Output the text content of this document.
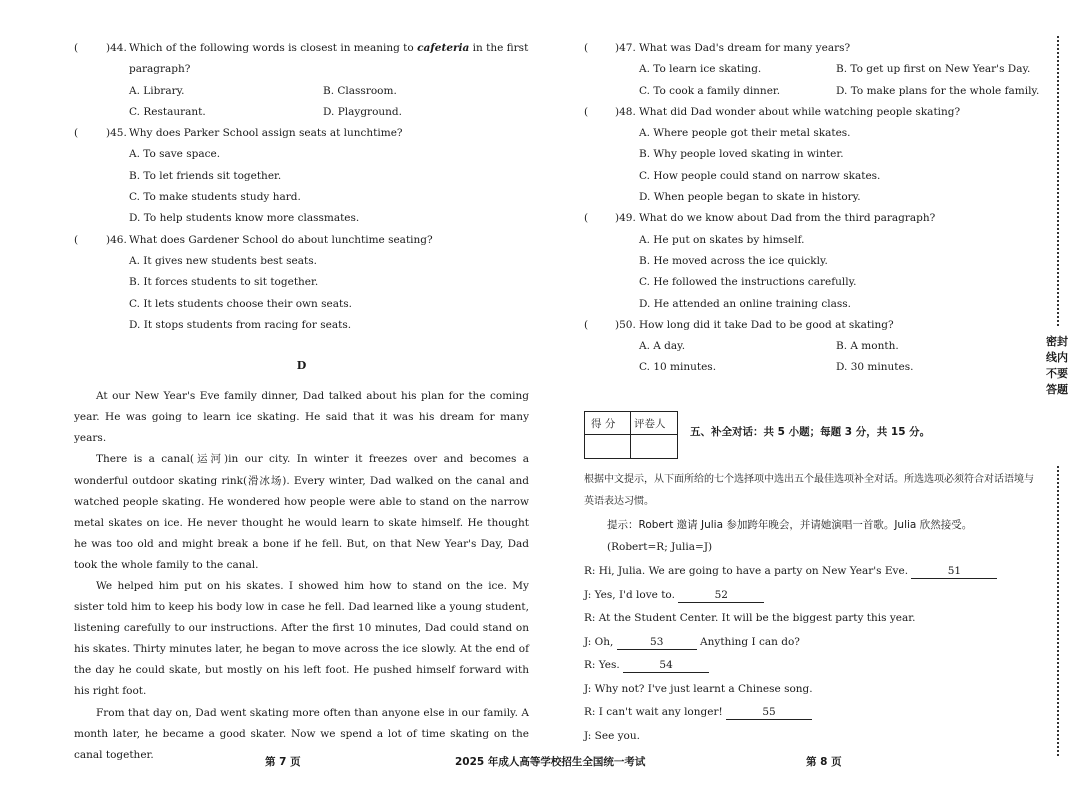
(	)44. Which of the following words is closest in meaning to cafeteria in the first
paragraph?
A. Library.	B. Classroom.
C. Restaurant.	D. Playground.
(	)45. Why does Parker School assign seats at lunchtime?
A. To save space.
B. To let friends sit together.
C. To make students study hard.
D. To help students know more classmates.
(	)46. What does Gardener School do about lunchtime seating?
A. It gives new students best seats.
B. It forces students to sit together.
C. It lets students choose their own seats.
D. It stops students from racing for seats.
D

At our New Year's Eve family dinner, Dad talked about his plan for the coming year. He was going to learn ice skating. He said that it was his dream for many years.

There is a canal(运河)in our city. In winter it freezes over and becomes a wonderful outdoor skating rink(滑冰场). Every winter, Dad walked on the canal and watched people skating. He wondered how people were able to stand on the narrow metal skates on ice. He never thought he would learn to skate himself. He thought he was too old and might break a bone if he fell. But, on that New Year's Day, Dad took the whole family to the canal.

We helped him put on his skates. I showed him how to stand on the ice. My sister told him to keep his body low in case he fell. Dad learned like a young student, listening carefully to our instructions. After the first 10 minutes, Dad could stand on his skates. Thirty minutes later, he began to move across the ice slowly. At the end of the day he could skate, but mostly on his left foot. He pushed himself forward with his right foot.

From that day on, Dad went skating more often than anyone else in our family. A month later, he became a good skater. Now we spend a lot of time skating on the canal together.

(	)47. What was Dad's dream for many years?
A. To learn ice skating.	B. To get up first on New Year's Day.
C. To cook a family dinner.	D. To make plans for the whole family.
(	)48. What did Dad wonder about while watching people skating?
A. Where people got their metal skates.
B. Why people loved skating in winter.
C. How people could stand on narrow skates.
D. When people began to skate in history.
(	)49. What do we know about Dad from the third paragraph?
A. He put on skates by himself.
B. He moved across the ice quickly.
C. He followed the instructions carefully.
D. He attended an online training class.
(	)50. How long did it take Dad to be good at skating?
A. A day.	B. A month.
C. 10 minutes.	D. 30 minutes.
得 分 评卷人
五、补全对话：共 5 小题；每题 3 分，共 15 分。
根据中文提示，从下面所给的七个选择项中选出五个最佳选项补全对话。所选选项必须符合对话语境与英语表达习惯。
提示：Robert 邀请 Julia 参加跨年晚会，并请她演唱一首歌。Julia 欣然接受。
(Robert=R; Julia=J)
R: Hi, Julia. We are going to have a party on New Year's Eve.	51
J: Yes, I'd love to.	52
R: At the Student Center. It will be the biggest party this year.
J: Oh,	53	Anything I can do?
R: Yes.	54
J: Why not? I've just learnt a Chinese song.
R: I can't wait any longer!	55
J: See you.
密封线内不要答题
第 7 页	2025 年成人高等学校招生全国统一考试	第 8 页
